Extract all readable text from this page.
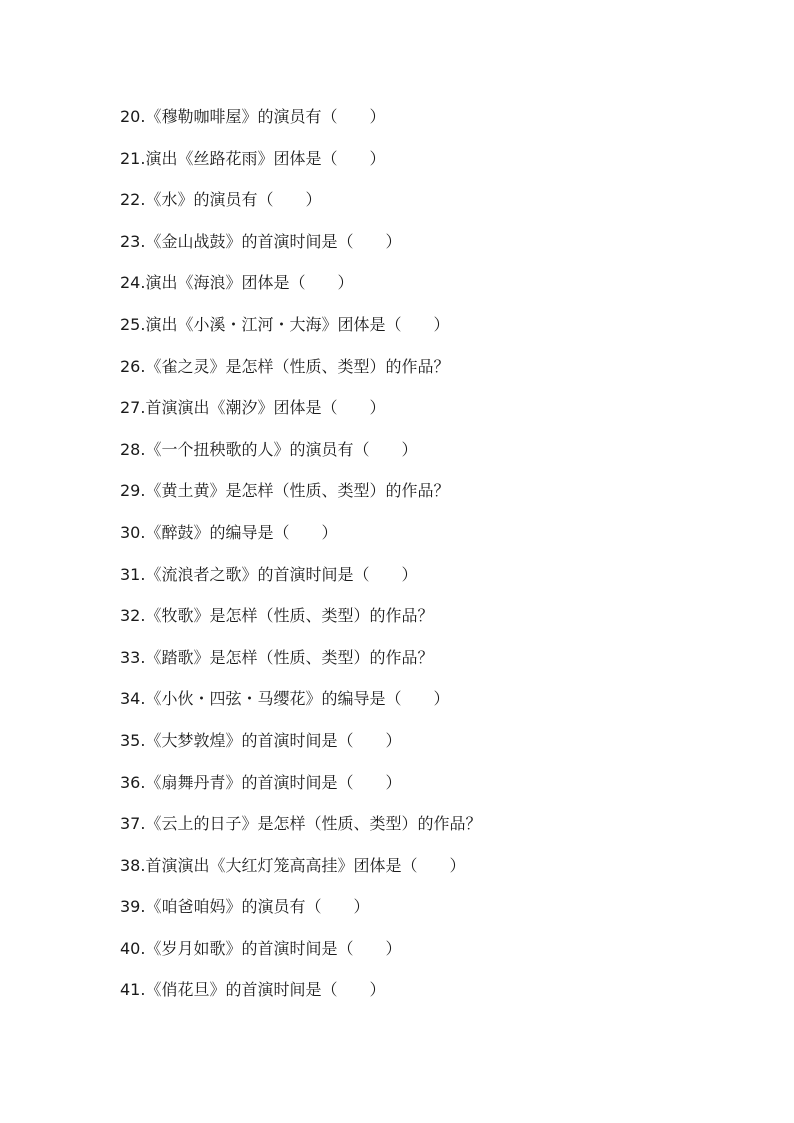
20.《穆勒咖啡屋》的演员有（　　）
21.演出《丝路花雨》团体是（　　）
22.《水》的演员有（　　）
23.《金山战鼓》的首演时间是（　　）
24.演出《海浪》团体是（　　）
25.演出《小溪・江河・大海》团体是（　　）
26.《雀之灵》是怎样（性质、类型）的作品？
27.首演演出《潮汐》团体是（　　）
28.《一个扭秧歌的人》的演员有（　　）
29.《黄土黄》是怎样（性质、类型）的作品？
30.《醉鼓》的编导是（　　）
31.《流浪者之歌》的首演时间是（　　）
32.《牧歌》是怎样（性质、类型）的作品？
33.《踏歌》是怎样（性质、类型）的作品？
34.《小伙・四弦・马缨花》的编导是（　　）
35.《大梦敦煌》的首演时间是（　　）
36.《扇舞丹青》的首演时间是（　　）
37.《云上的日子》是怎样（性质、类型）的作品？
38.首演演出《大红灯笼高高挂》团体是（　　）
39.《咱爸咱妈》的演员有（　　）
40.《岁月如歌》的首演时间是（　　）
41.《俏花旦》的首演时间是（　　）
